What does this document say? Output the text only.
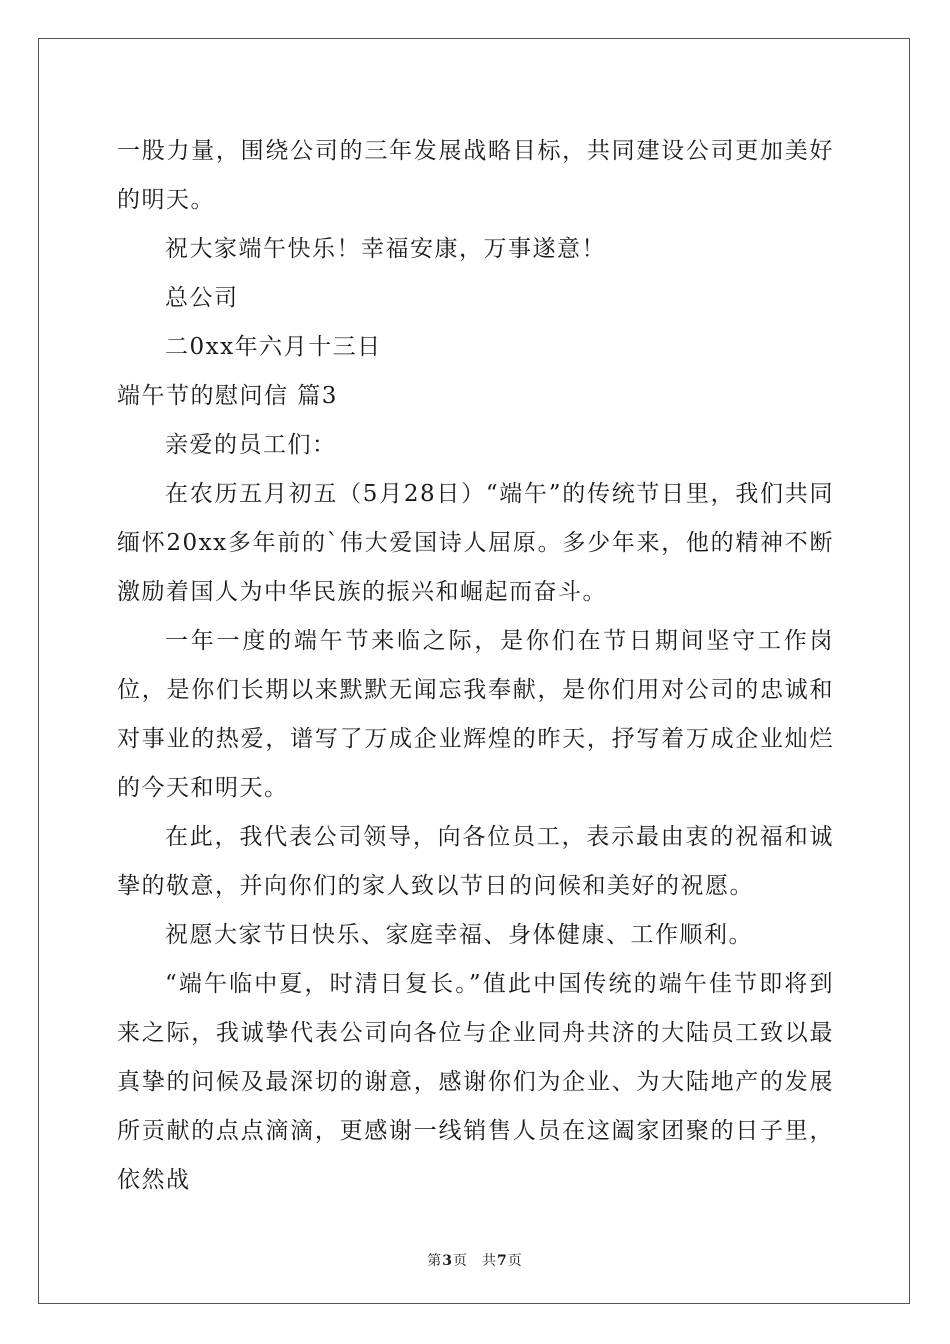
一股力量，围绕公司的三年发展战略目标，共同建设公司更加美好的明天。

祝大家端午快乐！幸福安康，万事遂意！

总公司

二0xx年六月十三日

端午节的慰问信 篇3

亲爱的员工们：

在农历五月初五（5月28日）“端午”的传统节日里，我们共同缅怀20xx多年前的`伟大爱国诗人屈原。多少年来，他的精神不断激励着国人为中华民族的振兴和崛起而奋斗。

一年一度的端午节来临之际，是你们在节日期间坚守工作岗位，是你们长期以来默默无闻忘我奉献，是你们用对公司的忠诚和对事业的热爱，谱写了万成企业辉煌的昨天，抒写着万成企业灿烂的今天和明天。

在此，我代表公司领导，向各位员工，表示最由衷的祝福和诚挚的敬意，并向你们的家人致以节日的问候和美好的祝愿。

祝愿大家节日快乐、家庭幸福、身体健康、工作顺利。

“端午临中夏，时清日复长。”值此中国传统的端午佳节即将到来之际，我诚挚代表公司向各位与企业同舟共济的大陆员工致以最真挚的问候及最深切的谢意，感谢你们为企业、为大陆地产的发展所贡献的点点滴滴，更感谢一线销售人员在这阖家团聚的日子里，依然战

第3页 共7页
